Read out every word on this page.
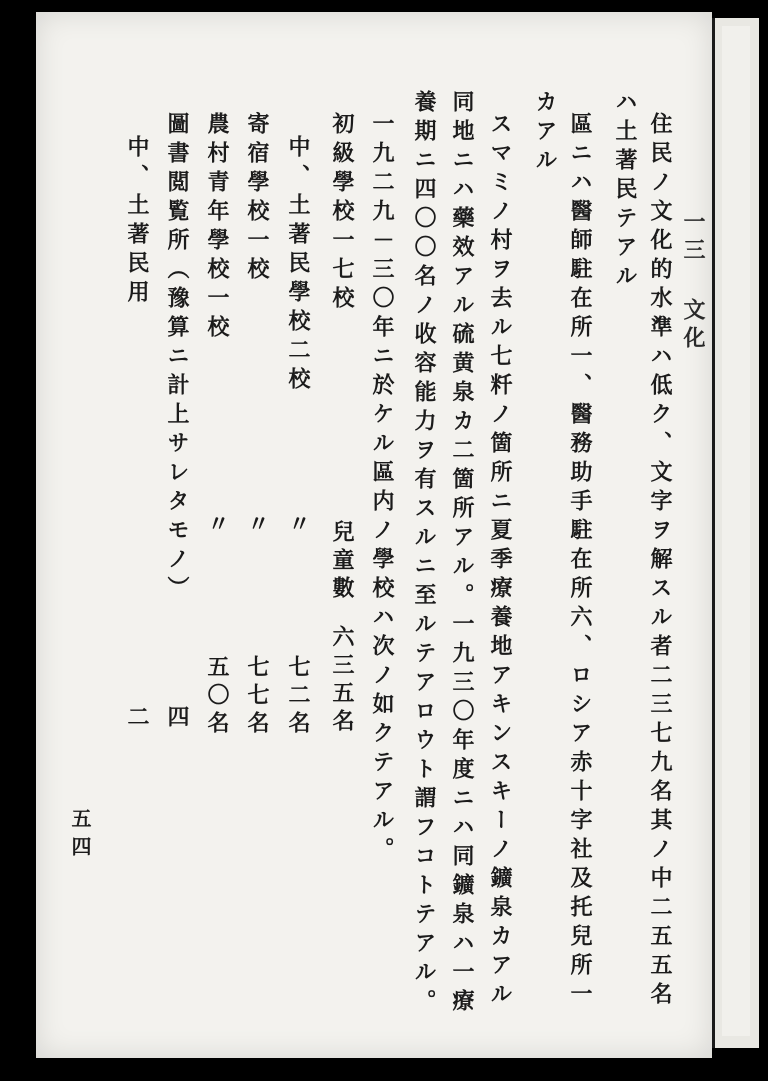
一三 文化
住民ノ文化的水準ハ低ク、文字ヲ解スル者二三七九名其ノ中二五五名
ハ土著民テアル
區ニハ醫師駐在所一、醫務助手駐在所六、ロシア赤十字社及托兒所一
カアル
スマミノ村ヲ去ル七粁ノ箇所ニ夏季療養地アキンスキーノ鑛泉カアル
同地ニハ藥效アル硫黄泉カ二箇所アル。一九三〇年度ニハ同鑛泉ハ一療
養期ニ四〇〇名ノ收容能力ヲ有スルニ至ルテアロウト謂フコトテアル。
一九二九－三〇年ニ於ケル區内ノ學校ハ次ノ如クテアル。
初級學校一七校
中、土著民學校二校
寄宿學校一校
農村青年學校一校
圖書閲覧所（豫算ニ計上サレタモノ）
中、土著民用
兒童數
六三五名
〃
七二名
〃
七七名
〃
五〇名
四
二
五四
